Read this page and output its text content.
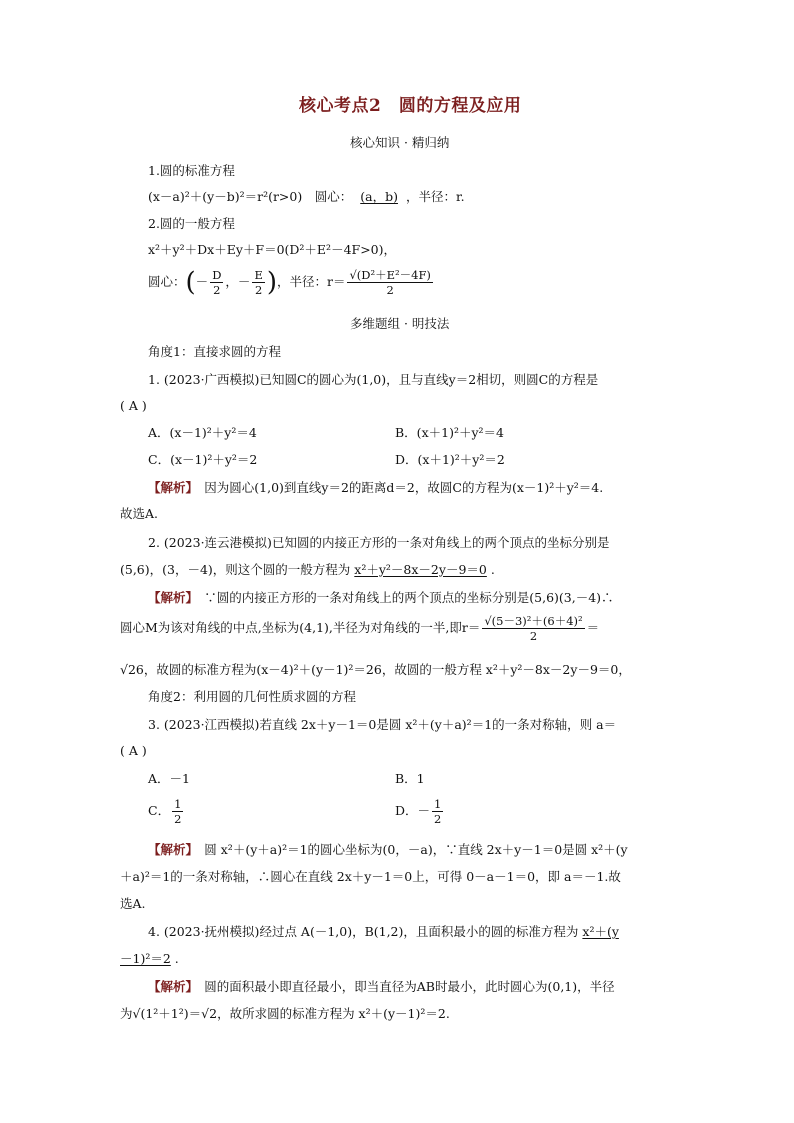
核心考点2　圆的方程及应用
核心知识 · 精归纳
1.圆的标准方程
(x－a)²＋(y－b)²＝r²(r>0)　圆心： (a，b) ，半径：r.
2.圆的一般方程
x²＋y²＋Dx＋Ey＋F＝0(D²＋E²－4F>0)，
圆心：(－ $\frac{D}{2}$ ，－ $\frac{E}{2}$ )，半径：$r= \frac{\text{√(D²＋E²－4F)}}{2}$
多维题组 · 明技法
角度1：直接求圆的方程
1. (2023·广西模拟)已知圆C的圆心为(1,0)，且与直线y＝2相切，则圆C的方程是
( A )
A．(x－1)²＋y²＝4	B．(x＋1)²＋y²＝4
C．(x－1)²＋y²＝2	D．(x＋1)²＋y²＝2
【解析】　 因为圆心(1,0)到直线y＝2的距离d＝2，故圆C的方程为(x－1)²＋y²＝4.
故选A.
2. (2023·连云港模拟)已知圆的内接正方形的一条对角线上的两个顶点的坐标分别是
(5,6)，(3，－4)，则这个圆的一般方程为 x²＋y²－8x－2y－9＝0 .
【解析】　 ∵圆的内接正方形的一条对角线上的两个顶点的坐标分别是(5,6)(3,－4)∴
圆心M为该对角线的中点,坐标为(4,1),半径为对角线的一半,即$r= \frac{\text{√(5－3)²＋(6＋4)²}}{2}$ ＝
√26，故圆的标准方程为(x－4)²＋(y－1)²＝26，故圆的一般方程 x²＋y²－8x－2y－9＝0，
角度2：利用圆的几何性质求圆的方程
3. (2023·江西模拟)若直线 2x＋y－1＝0是圆 x²＋(y＋a)²＝1的一条对称轴，则 a＝
( A )
A．－1	B．1
C． $\frac{1}{2}$	D．－ $\frac{1}{2}$
【解析】　 圆 x²＋(y＋a)²＝1的圆心坐标为(0，－a)，∵直线 2x＋y－1＝0是圆 x²＋(y
＋a)²＝1的一条对称轴，∴圆心在直线 2x＋y－1＝0上，可得 0－a－1＝0，即 a＝－1.故
选A.
4. (2023·抚州模拟)经过点 A(－1,0)，B(1,2)，且面积最小的圆的标准方程为 x²＋(y
－1)²＝2 .
【解析】　 圆的面积最小即直径最小，即当直径为AB时最小，此时圆心为(0,1)，半径
为√(1²＋1²)＝√2，故所求圆的标准方程为 x²＋(y－1)²＝2.
